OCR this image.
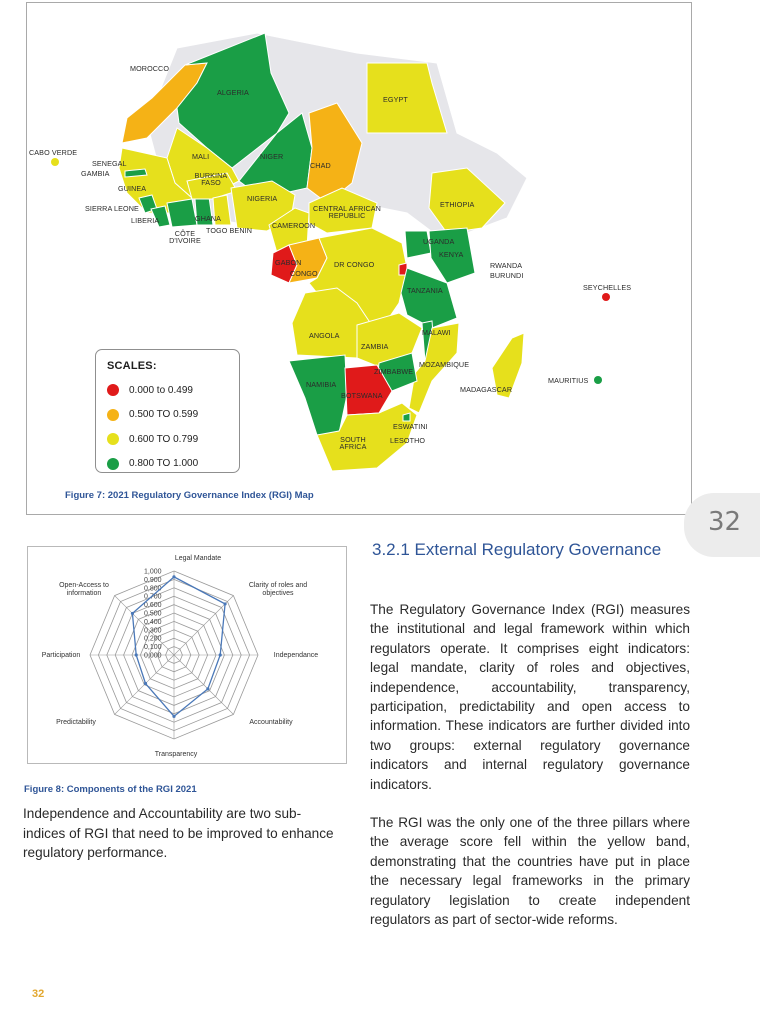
MOROCCO
ALGERIA
EGYPT
CABO VERDE
SENEGAL
GAMBIA
MALI	NIGER
CHAD
GUINEA
BURKINA
FASO
SIERRA LEONE
LIBERIA	GHANA
NIGERIA
CENTRAL AFRICAN
REPUBLIC
ETHIOPIA
CÔTE
D'IVOIRE
TOGO BENIN
CAMEROON
UGANDA
KENYA
GABON
CONGO
DR CONGO	RWANDA
BURUNDI
SEYCHELLES
TANZANIA
MALAWI
ANGOLA
ZAMBIA
MOZAMBIQUE
ZIMBABWE
MAURITIUS
MADAGASCAR
NAMIBIA
BOTSWANA
ESWATINI
SOUTH
AFRICA
LESOTHO
SCALES:
0.000 to 0.499
0.500 TO 0.599
0.600 TO 0.799
0.800 TO 1.000
Figure 7: 2021 Regulatory Governance Index (RGI) Map
32
0,000
0,100
0,200
0,300
0,400
0,500
0,600
0,700
0,800
0,900
1,000
Legal Mandate
Clarity of roles and objectives
Independance
Accountability
Transparency
Predictability
Participation
Open-Access to information
Figure 8: Components of the RGI 2021
Independence and Accountability are two sub-indices of RGI that need to be improved to enhance regulatory performance.
3.2.1 External Regulatory Governance
The Regulatory Governance Index (RGI) measures the institutional and legal framework within which regulators operate. It comprises eight indicators: legal mandate, clarity of roles and objectives, independence, accountability, transparency, participation, predictability and open access to information. These indicators are further divided into two groups: external regulatory governance indicators and internal regulatory governance indicators.
The RGI was the only one of the three pillars where the average score fell within the yellow band, demonstrating that the countries have put in place the necessary legal frameworks in the primary regulatory legislation to create independent regulators as part of sector-wide reforms.
32
